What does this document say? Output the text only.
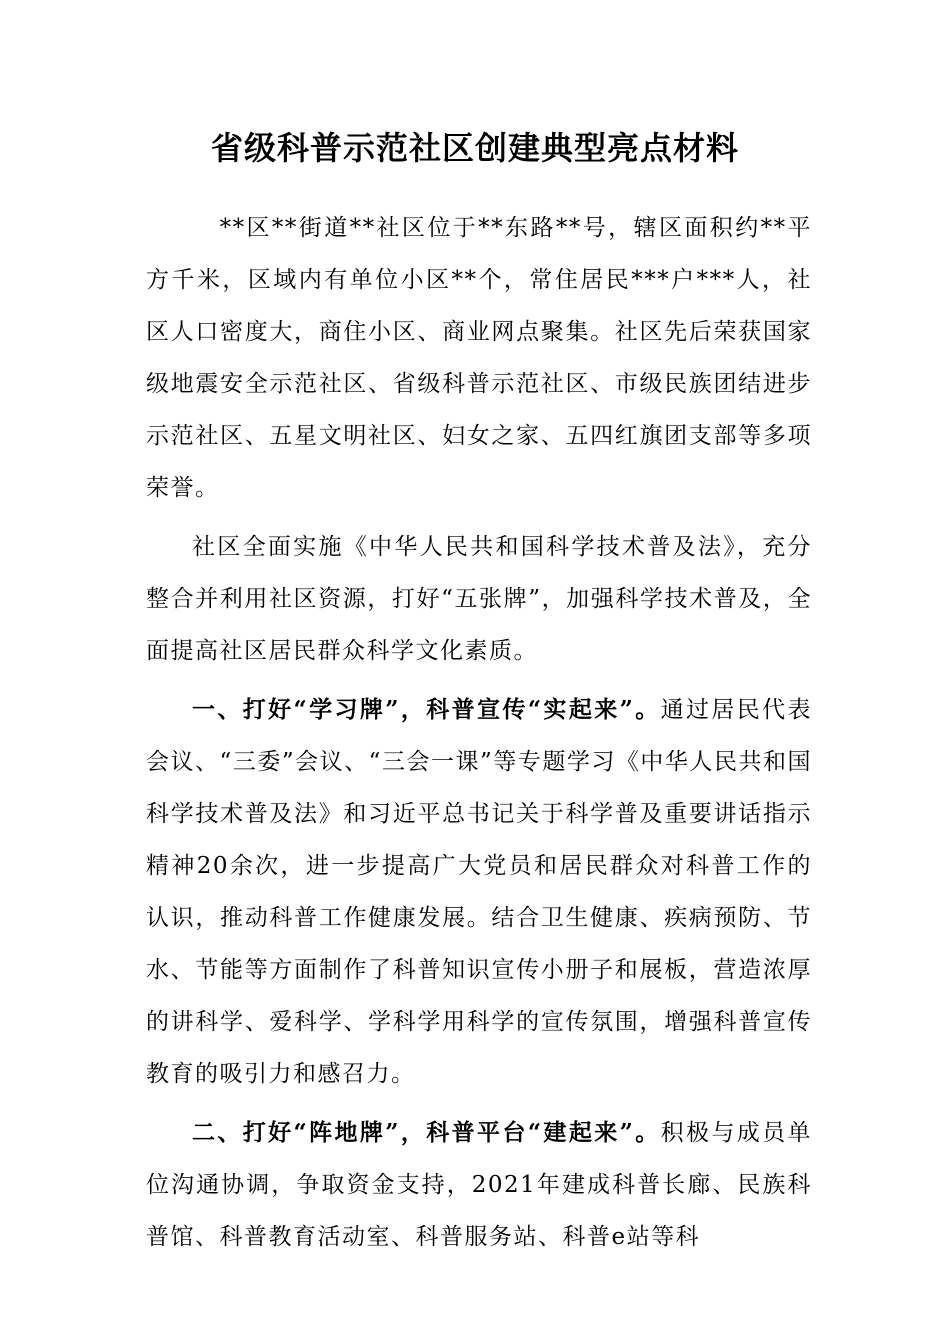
省级科普示范社区创建典型亮点材料

**区**街道**社区位于**东路**号，辖区面积约**平方千米，区域内有单位小区**个，常住居民***户***人，社区人口密度大，商住小区、商业网点聚集。社区先后荣获国家级地震安全示范社区、省级科普示范社区、市级民族团结进步示范社区、五星文明社区、妇女之家、五四红旗团支部等多项荣誉。

社区全面实施《中华人民共和国科学技术普及法》，充分整合并利用社区资源，打好“五张牌”，加强科学技术普及，全面提高社区居民群众科学文化素质。

一、打好“学习牌”，科普宣传“实起来”。通过居民代表会议、“三委”会议、“三会一课”等专题学习《中华人民共和国科学技术普及法》和习近平总书记关于科学普及重要讲话指示精神20余次，进一步提高广大党员和居民群众对科普工作的认识，推动科普工作健康发展。结合卫生健康、疾病预防、节水、节能等方面制作了科普知识宣传小册子和展板，营造浓厚的讲科学、爱科学、学科学用科学的宣传氛围，增强科普宣传教育的吸引力和感召力。

二、打好“阵地牌”，科普平台“建起来”。积极与成员单位沟通协调，争取资金支持，2021年建成科普长廊、民族科普馆、科普教育活动室、科普服务站、科普e站等科
